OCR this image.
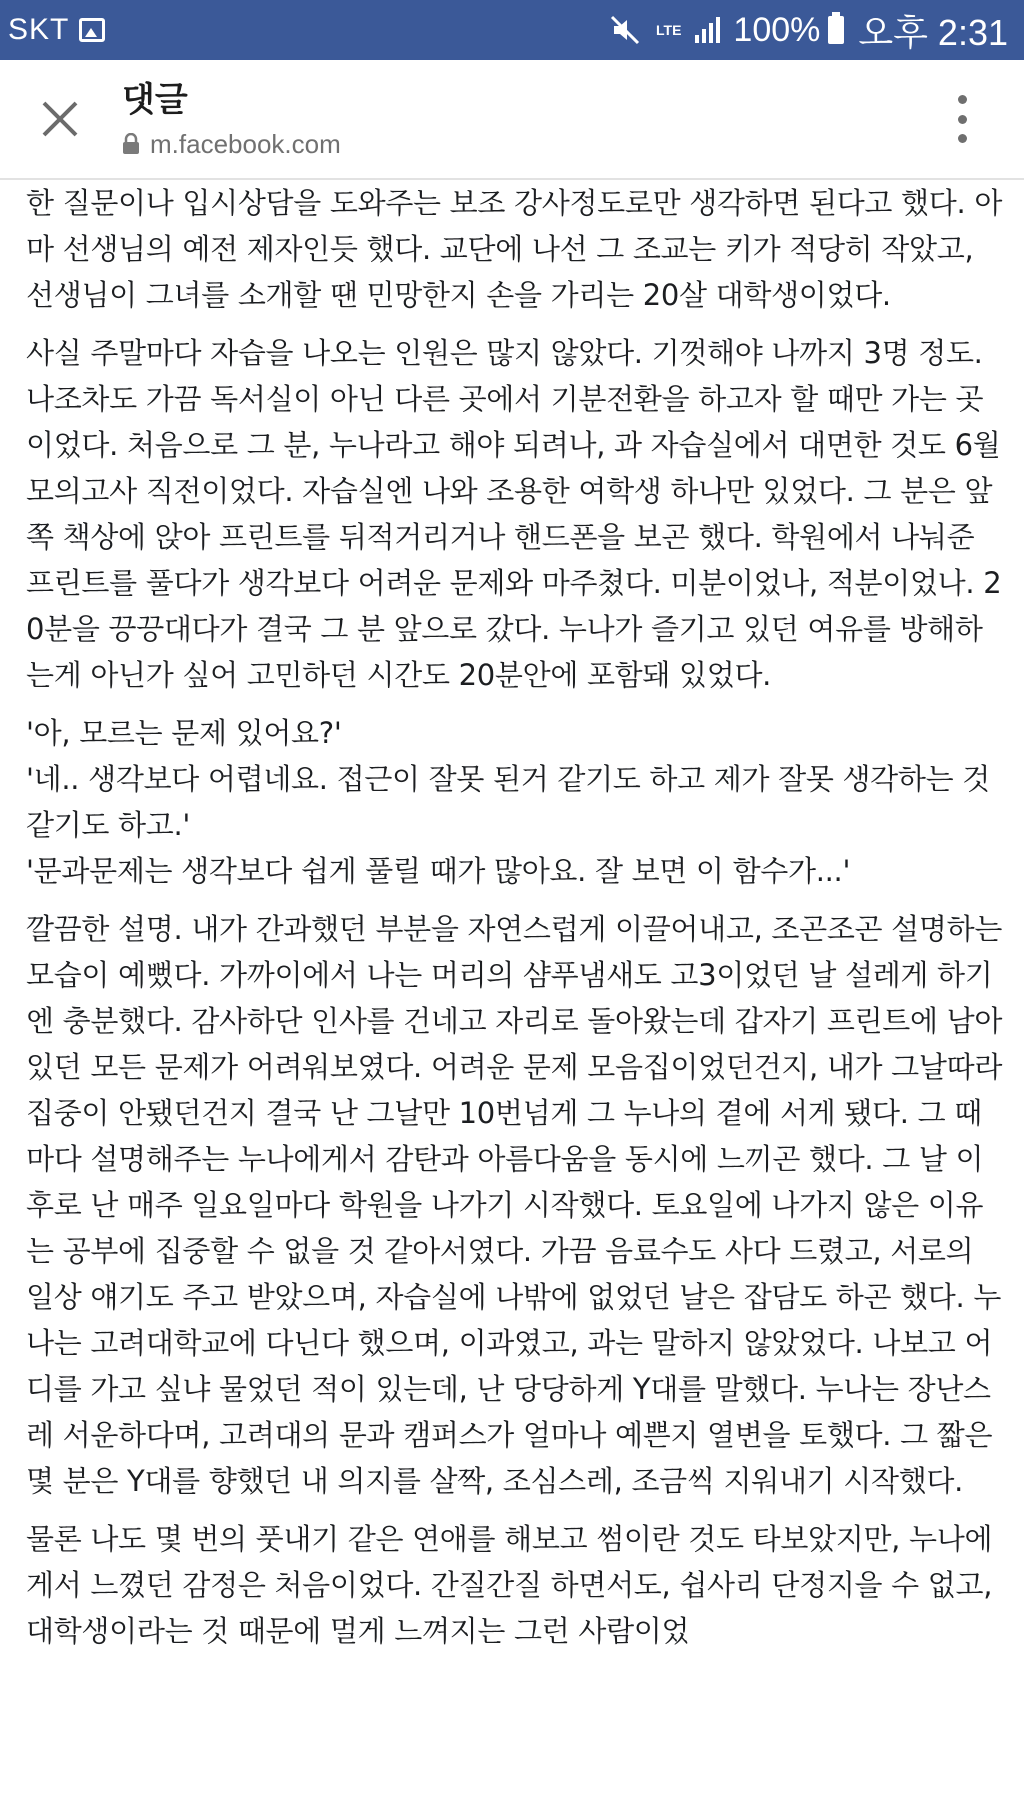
SKT	LTE 100% 오후 2:31
댓글
m.facebook.com

한 질문이나 입시상담을 도와주는 보조 강사정도로만 생각하면 된다고 했다. 아마 선생님의 예전 제자인듯 했다. 교단에 나선 그 조교는 키가 적당히 작았고, 선생님이 그녀를 소개할 땐 민망한지 손을 가리는 20살 대학생이었다.

사실 주말마다 자습을 나오는 인원은 많지 않았다. 기껏해야 나까지 3명 정도. 나조차도 가끔 독서실이 아닌 다른 곳에서 기분전환을 하고자 할 때만 가는 곳이었다. 처음으로 그 분, 누나라고 해야 되려나, 과 자습실에서 대면한 것도 6월 모의고사 직전이었다. 자습실엔 나와 조용한 여학생 하나만 있었다. 그 분은 앞쪽 책상에 앉아 프린트를 뒤적거리거나 핸드폰을 보곤 했다. 학원에서 나눠준 프린트를 풀다가 생각보다 어려운 문제와 마주쳤다. 미분이었나, 적분이었나. 20분을 끙끙대다가 결국 그 분 앞으로 갔다. 누나가 즐기고 있던 여유를 방해하는게 아닌가 싶어 고민하던 시간도 20분안에 포함돼 있었다.

'아, 모르는 문제 있어요?'
'네.. 생각보다 어렵네요. 접근이 잘못 된거 같기도 하고 제가 잘못 생각하는 것 같기도 하고.'
'문과문제는 생각보다 쉽게 풀릴 때가 많아요. 잘 보면 이 함수가...'

깔끔한 설명. 내가 간과했던 부분을 자연스럽게 이끌어내고, 조곤조곤 설명하는 모습이 예뻤다. 가까이에서 나는 머리의 샴푸냄새도 고3이었던 날 설레게 하기엔 충분했다. 감사하단 인사를 건네고 자리로 돌아왔는데 갑자기 프린트에 남아있던 모든 문제가 어려워보였다. 어려운 문제 모음집이었던건지, 내가 그날따라 집중이 안됐던건지 결국 난 그날만 10번넘게 그 누나의 곁에 서게 됐다. 그 때마다 설명해주는 누나에게서 감탄과 아름다움을 동시에 느끼곤 했다. 그 날 이후로 난 매주 일요일마다 학원을 나가기 시작했다. 토요일에 나가지 않은 이유는 공부에 집중할 수 없을 것 같아서였다. 가끔 음료수도 사다 드렸고, 서로의 일상 얘기도 주고 받았으며, 자습실에 나밖에 없었던 날은 잡담도 하곤 했다. 누나는 고려대학교에 다닌다 했으며, 이과였고, 과는 말하지 않았었다. 나보고 어디를 가고 싶냐 물었던 적이 있는데, 난 당당하게 Y대를 말했다. 누나는 장난스레 서운하다며, 고려대의 문과 캠퍼스가 얼마나 예쁜지 열변을 토했다. 그 짧은 몇 분은 Y대를 향했던 내 의지를 살짝, 조심스레, 조금씩 지워내기 시작했다.

물론 나도 몇 번의 풋내기 같은 연애를 해보고 썸이란 것도 타보았지만, 누나에게서 느꼈던 감정은 처음이었다. 간질간질 하면서도, 쉽사리 단정지을 수 없고, 대학생이라는 것 때문에 멀게 느껴지는 그런 사람이었
